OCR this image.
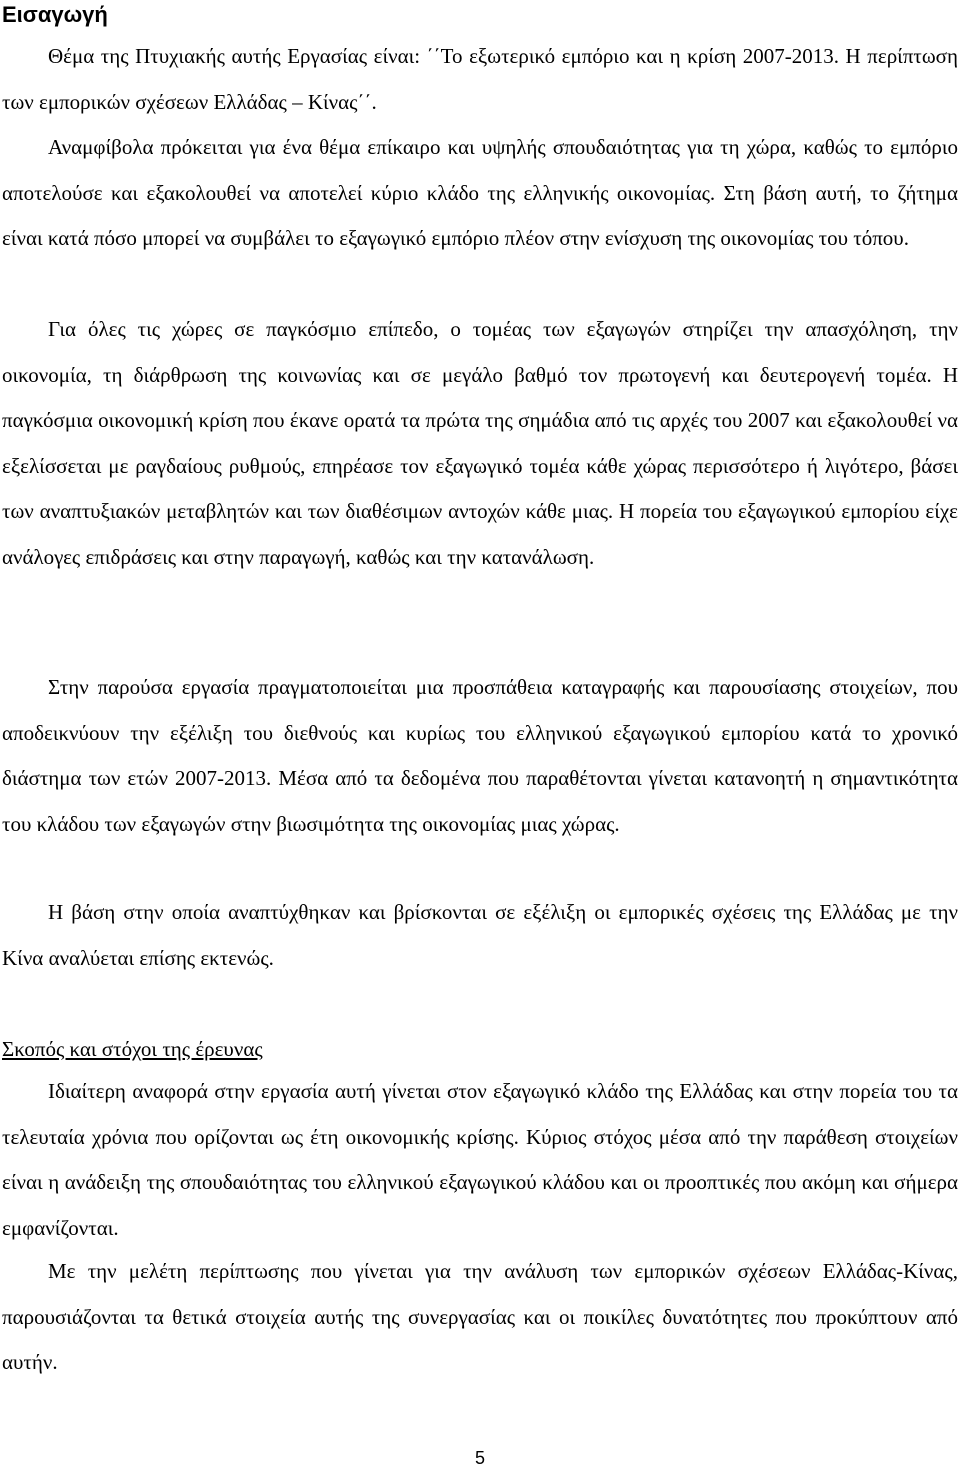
Εισαγωγή

Θέμα της Πτυχιακής αυτής Εργασίας είναι: ΄΄Το εξωτερικό εμπόριο και η κρίση 2007-2013. Η περίπτωση των εμπορικών σχέσεων Ελλάδας – Κίνας΄΄.

Αναμφίβολα πρόκειται για ένα θέμα επίκαιρο και υψηλής σπουδαιότητας για τη χώρα, καθώς το εμπόριο αποτελούσε και εξακολουθεί να αποτελεί κύριο κλάδο της ελληνικής οικονομίας. Στη βάση αυτή, το ζήτημα είναι κατά πόσο μπορεί να συμβάλει το εξαγωγικό εμπόριο πλέον στην ενίσχυση της οικονομίας του τόπου.

Για όλες τις χώρες σε παγκόσμιο επίπεδο, ο τομέας των εξαγωγών στηρίζει την απασχόληση, την οικονομία, τη διάρθρωση της κοινωνίας και σε μεγάλο βαθμό τον πρωτογενή και δευτερογενή τομέα. Η παγκόσμια οικονομική κρίση που έκανε ορατά τα πρώτα της σημάδια από τις αρχές του 2007 και εξακολουθεί να εξελίσσεται με ραγδαίους ρυθμούς, επηρέασε τον εξαγωγικό τομέα κάθε χώρας περισσότερο ή λιγότερο, βάσει των αναπτυξιακών μεταβλητών και των διαθέσιμων αντοχών κάθε μιας. Η πορεία του εξαγωγικού εμπορίου είχε ανάλογες επιδράσεις και στην παραγωγή, καθώς και την κατανάλωση.

Στην παρούσα εργασία πραγματοποιείται μια προσπάθεια καταγραφής και παρουσίασης στοιχείων, που αποδεικνύουν την εξέλιξη του διεθνούς και κυρίως του ελληνικού εξαγωγικού εμπορίου κατά το χρονικό διάστημα των ετών 2007-2013. Μέσα από τα δεδομένα που παραθέτονται γίνεται κατανοητή η σημαντικότητα του κλάδου των εξαγωγών στην βιωσιμότητα της οικονομίας μιας χώρας.

Η βάση στην οποία αναπτύχθηκαν και βρίσκονται σε εξέλιξη οι εμπορικές σχέσεις της Ελλάδας με την Κίνα αναλύεται επίσης εκτενώς.

Σκοπός και στόχοι της έρευνας

Ιδιαίτερη αναφορά στην εργασία αυτή γίνεται στον εξαγωγικό κλάδο της Ελλάδας και στην πορεία του τα τελευταία χρόνια που ορίζονται ως έτη οικονομικής κρίσης. Κύριος στόχος μέσα από την παράθεση στοιχείων είναι η ανάδειξη της σπουδαιότητας του ελληνικού εξαγωγικού κλάδου και οι προοπτικές που ακόμη και σήμερα εμφανίζονται.

Με την μελέτη περίπτωσης που γίνεται για την ανάλυση των εμπορικών σχέσεων Ελλάδας-Κίνας, παρουσιάζονται τα θετικά στοιχεία αυτής της συνεργασίας και οι ποικίλες δυνατότητες που προκύπτουν από αυτήν.

5
